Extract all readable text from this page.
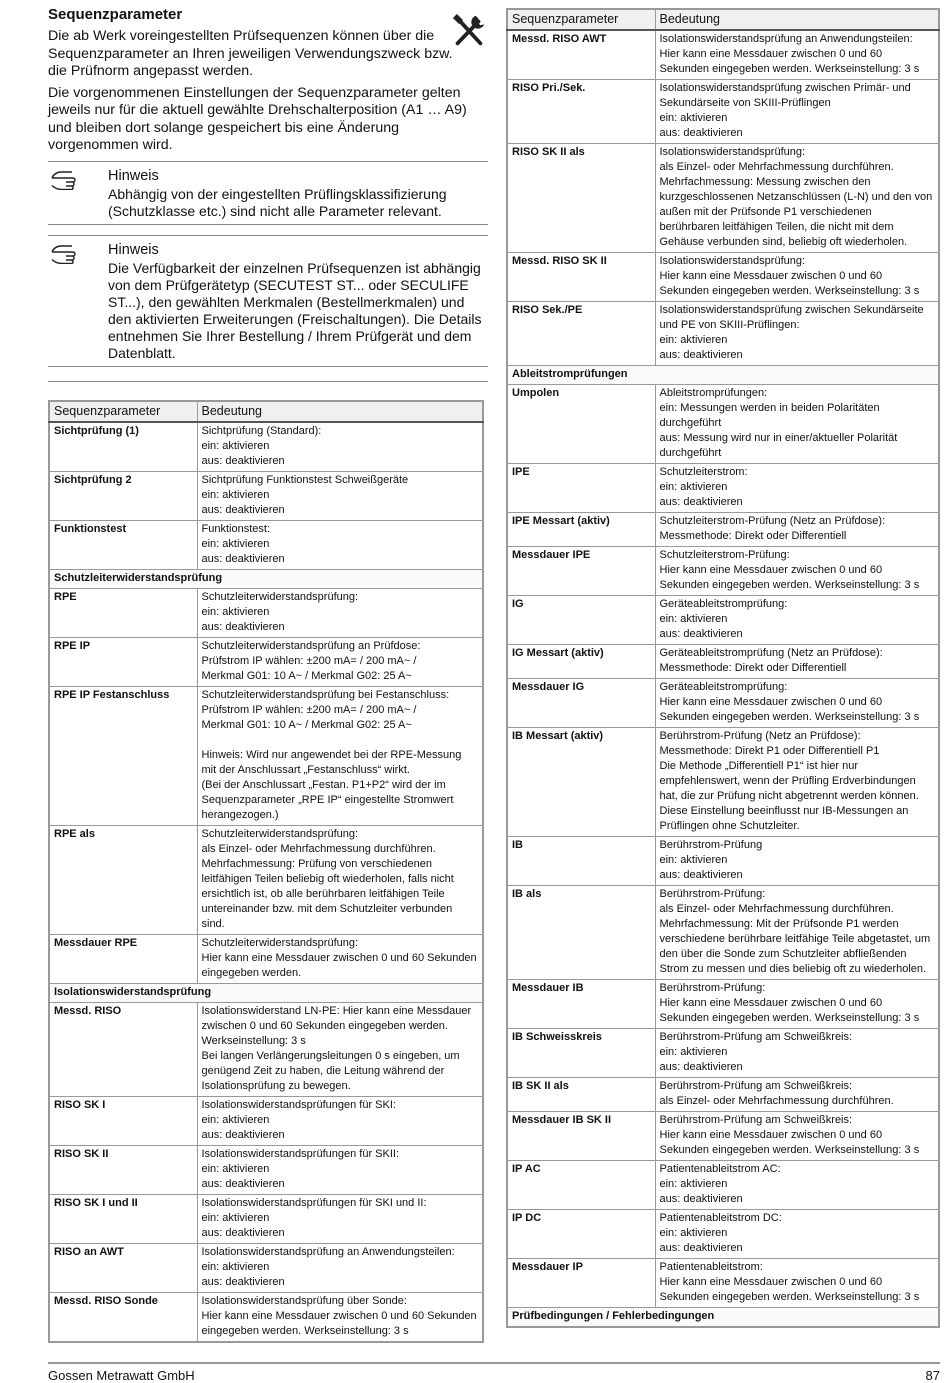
Sequenzparameter

Die ab Werk voreingestellten Prüfsequenzen können über die Sequenzparameter an Ihren jeweiligen Verwendungszweck bzw. die Prüfnorm angepasst werden.

Die vorgenommenen Einstellungen der Sequenzparameter gelten jeweils nur für die aktuell gewählte Drehschalterposition (A1 … A9) und bleiben dort solange gespeichert bis eine Änderung vorgenommen wird.

Hinweis

Abhängig von der eingestellten Prüflingsklassifizierung (Schutzklasse etc.) sind nicht alle Parameter relevant.

Hinweis

Die Verfügbarkeit der einzelnen Prüfsequenzen ist abhängig von dem Prüfgerätetyp (SECUTEST ST... oder SECULIFE ST...), den gewählten Merkmalen (Bestellmerkmalen) und den aktivierten Erweiterungen (Freischaltungen). Die Details entnehmen Sie Ihrer Bestellung / Ihrem Prüfgerät und dem Datenblatt.

Sequenzparameter	Bedeutung
Sichtprüfung (1)	Sichtprüfung (Standard):
ein: aktivieren
aus: deaktivieren
Sichtprüfung 2	Sichtprüfung Funktionstest Schweißgeräte
ein: aktivieren
aus: deaktivieren
Funktionstest	Funktionstest:
ein: aktivieren
aus: deaktivieren
Schutzleiterwiderstandsprüfung	
RPE	Schutzleiterwiderstandsprüfung:
ein: aktivieren
aus: deaktivieren
RPE IP	Schutzleiterwiderstandsprüfung an Prüfdose:
Prüfstrom IP wählen: ±200 mA= / 200 mA~ /
Merkmal G01: 10 A~ / Merkmal G02: 25 A~
RPE IP Festanschluss	Schutzleiterwiderstandsprüfung bei Festanschluss:
Prüfstrom IP wählen: ±200 mA= / 200 mA~ /
Merkmal G01: 10 A~ / Merkmal G02: 25 A~

Hinweis: Wird nur angewendet bei der RPE-Messung mit der Anschlussart „Festanschluss“ wirkt.
(Bei der Anschlussart „Festan. P1+P2“ wird der im Sequenzparameter „RPE IP“ eingestellte Stromwert herangezogen.)
RPE als	Schutzleiterwiderstandsprüfung:
als Einzel- oder Mehrfachmessung durchführen.
Mehrfachmessung: Prüfung von verschiedenen leitfähigen Teilen beliebig oft wiederholen, falls nicht ersichtlich ist, ob alle berührbaren leitfähigen Teile untereinander bzw. mit dem Schutzleiter verbunden sind.
Messdauer RPE	Schutzleiterwiderstandsprüfung:
Hier kann eine Messdauer zwischen 0 und 60 Sekunden eingegeben werden.
Isolationswiderstandsprüfung	
Messd. RISO	Isolationswiderstand LN-PE: Hier kann eine Messdauer zwischen 0 und 60 Sekunden eingegeben werden.
Werkseinstellung: 3 s
Bei langen Verlängerungsleitungen 0 s eingeben, um genügend Zeit zu haben, die Leitung während der Isolationsprüfung zu bewegen.
RISO SK I	Isolationswiderstandsprüfungen für SKI:
ein: aktivieren
aus: deaktivieren
RISO SK II	Isolationswiderstandsprüfungen für SKII:
ein: aktivieren
aus: deaktivieren
RISO SK I und II	Isolationswiderstandsprüfungen für SKI und II:
ein: aktivieren
aus: deaktivieren
RISO an AWT	Isolationswiderstandsprüfung an Anwendungsteilen:
ein: aktivieren
aus: deaktivieren
Messd. RISO Sonde	Isolationswiderstandsprüfung über Sonde:
Hier kann eine Messdauer zwischen 0 und 60 Sekunden eingegeben werden. Werkseinstellung: 3 s
Sequenzparameter	Bedeutung
Messd. RISO AWT	Isolationswiderstandsprüfung an Anwendungsteilen:
Hier kann eine Messdauer zwischen 0 und 60 Sekunden eingegeben werden. Werkseinstellung: 3 s
RISO Pri./Sek.	Isolationswiderstandsprüfung zwischen Primär- und Sekundärseite von SKIII-Prüflingen
ein: aktivieren
aus: deaktivieren
RISO SK II als	Isolationswiderstandsprüfung:
als Einzel- oder Mehrfachmessung durchführen.
Mehrfachmessung: Messung zwischen den kurzgeschlossenen Netzanschlüssen (L-N) und den von außen mit der Prüfsonde P1 verschiedenen berührbaren leitfähigen Teilen, die nicht mit dem Gehäuse verbunden sind, beliebig oft wiederholen.
Messd. RISO SK II	Isolationswiderstandsprüfung:
Hier kann eine Messdauer zwischen 0 und 60 Sekunden eingegeben werden. Werkseinstellung: 3 s
RISO Sek./PE	Isolationswiderstandsprüfung zwischen Sekundärseite und PE von SKIII-Prüflingen:
ein: aktivieren
aus: deaktivieren
Ableitstromprüfungen	
Umpolen	Ableitstromprüfungen:
ein: Messungen werden in beiden Polaritäten durchgeführt
aus: Messung wird nur in einer/aktueller Polarität durchgeführt
IPE	Schutzleiterstrom:
ein: aktivieren
aus: deaktivieren
IPE Messart (aktiv)	Schutzleiterstrom-Prüfung (Netz an Prüfdose):
Messmethode: Direkt oder Differentiell
Messdauer IPE	Schutzleiterstrom-Prüfung:
Hier kann eine Messdauer zwischen 0 und 60 Sekunden eingegeben werden. Werkseinstellung: 3 s
IG	Geräteableitstromprüfung:
ein: aktivieren
aus: deaktivieren
IG Messart (aktiv)	Geräteableitstromprüfung (Netz an Prüfdose):
Messmethode: Direkt oder Differentiell
Messdauer IG	Geräteableitstromprüfung:
Hier kann eine Messdauer zwischen 0 und 60 Sekunden eingegeben werden. Werkseinstellung: 3 s
IB Messart (aktiv)	Berührstrom-Prüfung (Netz an Prüfdose):
Messmethode: Direkt P1 oder Differentiell P1
Die Methode „Differentiell P1“ ist hier nur empfehlenswert, wenn der Prüfling Erdverbindungen hat, die zur Prüfung nicht abgetrennt werden können.
Diese Einstellung beeinflusst nur IB-Messungen an Prüflingen ohne Schutzleiter.
IB	Berührstrom-Prüfung
ein: aktivieren
aus: deaktivieren
IB als	Berührstrom-Prüfung:
als Einzel- oder Mehrfachmessung durchführen.
Mehrfachmessung: Mit der Prüfsonde P1 werden verschiedene berührbare leitfähige Teile abgetastet, um den über die Sonde zum Schutzleiter abfließenden Strom zu messen und dies beliebig oft zu wiederholen.
Messdauer IB	Berührstrom-Prüfung:
Hier kann eine Messdauer zwischen 0 und 60 Sekunden eingegeben werden. Werkseinstellung: 3 s
IB Schweisskreis	Berührstrom-Prüfung am Schweißkreis:
ein: aktivieren
aus: deaktivieren
IB SK II als	Berührstrom-Prüfung am Schweißkreis:
als Einzel- oder Mehrfachmessung durchführen.
Messdauer IB SK II	Berührstrom-Prüfung am Schweißkreis:
Hier kann eine Messdauer zwischen 0 und 60 Sekunden eingegeben werden. Werkseinstellung: 3 s
IP AC	Patientenableitstrom AC:
ein: aktivieren
aus: deaktivieren
IP DC	Patientenableitstrom DC:
ein: aktivieren
aus: deaktivieren
Messdauer IP	Patientenableitstrom:
Hier kann eine Messdauer zwischen 0 und 60 Sekunden eingegeben werden. Werkseinstellung: 3 s
Prüfbedingungen / Fehlerbedingungen	
Gossen Metrawatt GmbH	87
